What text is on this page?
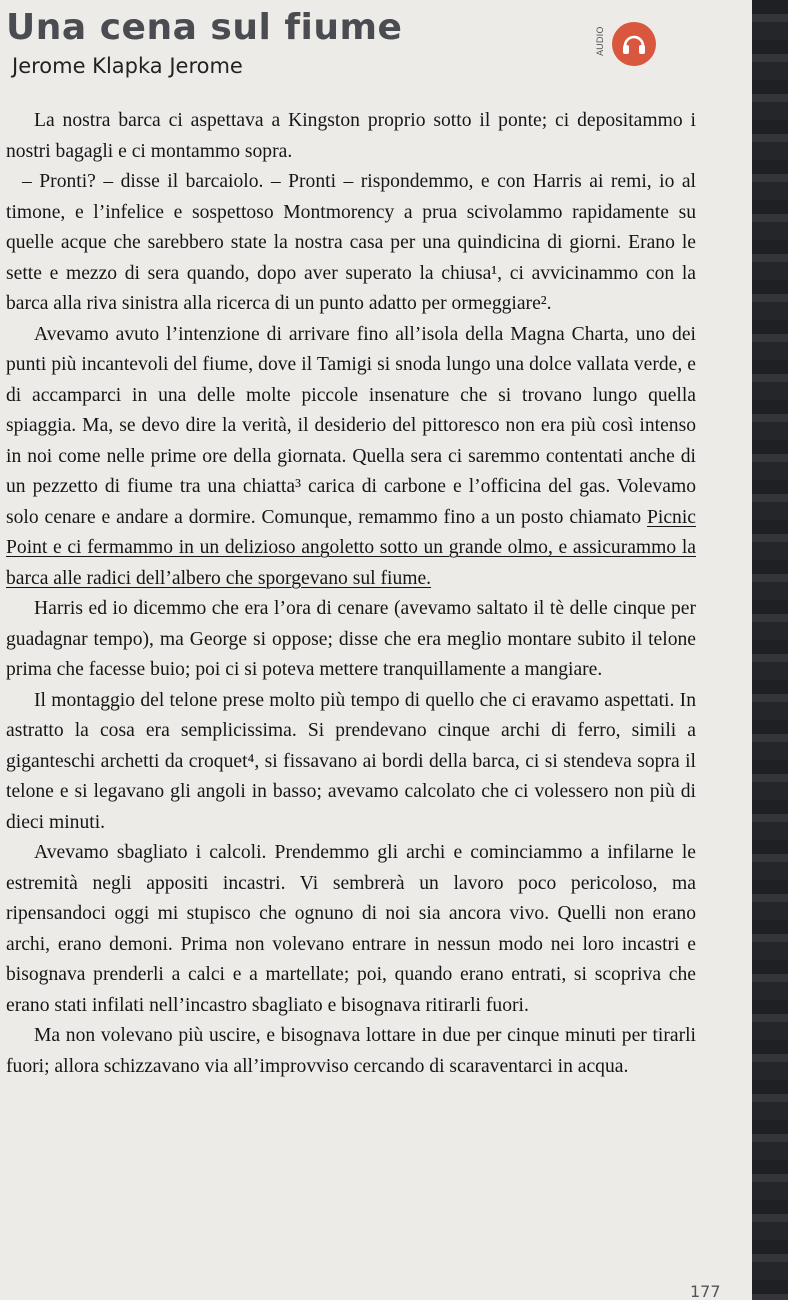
Una cena sul fiume
Jerome Klapka Jerome
AUDIO

La nostra barca ci aspettava a Kingston proprio sotto il ponte; ci depositammo i nostri bagagli e ci montammo sopra.

– Pronti? – disse il barcaiolo. – Pronti – rispondemmo, e con Harris ai remi, io al timone, e l’infelice e sospettoso Montmorency a prua scivolammo rapidamente su quelle acque che sarebbero state la nostra casa per una quindicina di giorni. Erano le sette e mezzo di sera quando, dopo aver superato la chiusa¹, ci avvicinammo con la barca alla riva sinistra alla ricerca di un punto adatto per ormeggiare².

Avevamo avuto l’intenzione di arrivare fino all’isola della Magna Charta, uno dei punti più incantevoli del fiume, dove il Tamigi si snoda lungo una dolce vallata verde, e di accamparci in una delle molte piccole insenature che si trovano lungo quella spiaggia. Ma, se devo dire la verità, il desiderio del pittoresco non era più così intenso in noi come nelle prime ore della giornata. Quella sera ci saremmo contentati anche di un pezzetto di fiume tra una chiatta³ carica di carbone e l’officina del gas. Volevamo solo cenare e andare a dormire. Comunque, remammo fino a un posto chiamato Picnic Point e ci fermammo in un delizioso angoletto sotto un grande olmo, e assicurammo la barca alle radici dell’albero che sporgevano sul fiume.

Harris ed io dicemmo che era l’ora di cenare (avevamo saltato il tè delle cinque per guadagnar tempo), ma George si oppose; disse che era meglio montare subito il telone prima che facesse buio; poi ci si poteva mettere tranquillamente a mangiare.

Il montaggio del telone prese molto più tempo di quello che ci eravamo aspettati. In astratto la cosa era semplicissima. Si prendevano cinque archi di ferro, simili a giganteschi archetti da croquet⁴, si fissavano ai bordi della barca, ci si stendeva sopra il telone e si legavano gli angoli in basso; avevamo calcolato che ci volessero non più di dieci minuti.

Avevamo sbagliato i calcoli. Prendemmo gli archi e cominciammo a infilarne le estremità negli appositi incastri. Vi sembrerà un lavoro poco pericoloso, ma ripensandoci oggi mi stupisco che ognuno di noi sia ancora vivo. Quelli non erano archi, erano demoni. Prima non volevano entrare in nessun modo nei loro incastri e bisognava prenderli a calci e a martellate; poi, quando erano entrati, si scopriva che erano stati infilati nell’incastro sbagliato e bisognava ritirarli fuori.

Ma non volevano più uscire, e bisognava lottare in due per cinque minuti per tirarli fuori; allora schizzavano via all’improvviso cercando di scaraventarci in acqua.

177
